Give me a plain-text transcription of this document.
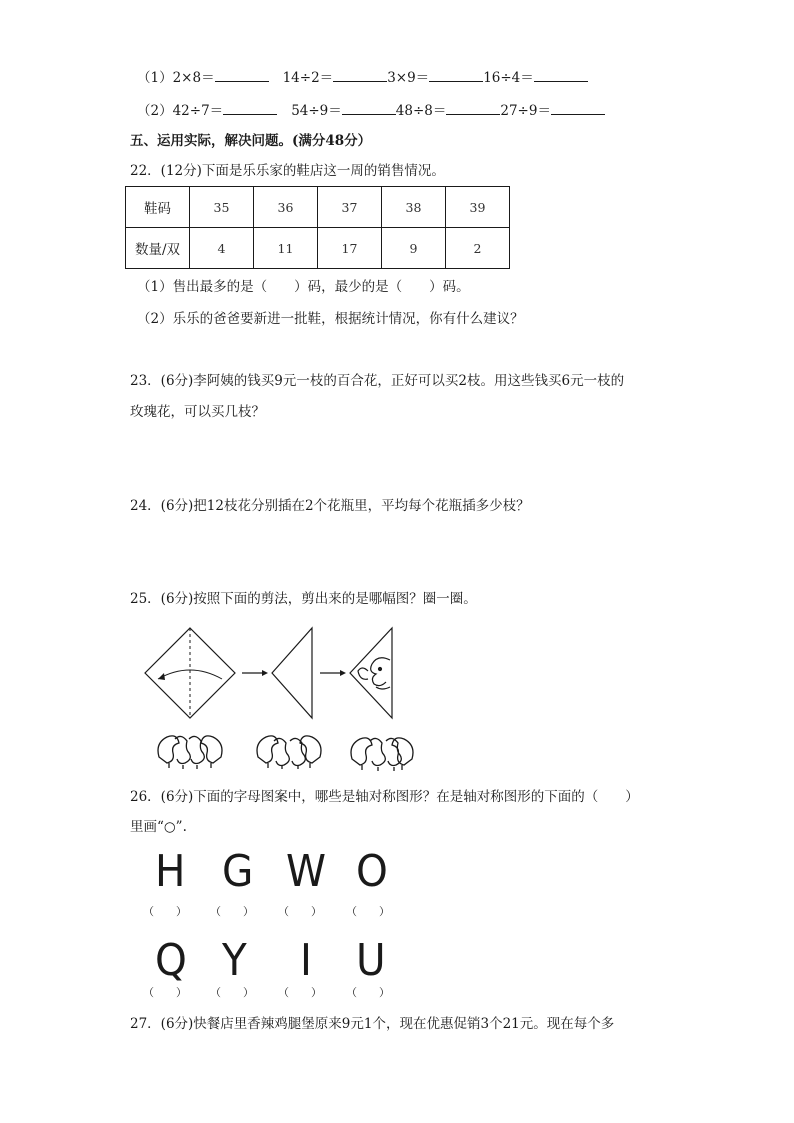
（1）2×8＝	14÷2＝	3×9＝	16÷4＝
（2）42÷7＝	54÷9＝	48÷8＝	27÷9＝
五、运用实际，解决问题。(满分48分）
22．(12分)下面是乐乐家的鞋店这一周的销售情况。
鞋码	35	36	37	38	39
数量/双	4	11	17	9	2
（1）售出最多的是（　　）码，最少的是（　　）码。
（2）乐乐的爸爸要新进一批鞋，根据统计情况，你有什么建议？
23．(6分)李阿姨的钱买9元一枝的百合花，正好可以买2枝。用这些钱买6元一枝的
玫瑰花，可以买几枝？
24．(6分)把12枝花分别插在2个花瓶里，平均每个花瓶插多少枝？
25．(6分)按照下面的剪法，剪出来的是哪幅图？圈一圈。
26．(6分)下面的字母图案中，哪些是轴对称图形？在是轴对称图形的下面的（　　）
里画“○”.
H G W O
（　　） （　　） （　　） （　　）
Q Y I U
（　　） （　　） （　　） （　　）
27．(6分)快餐店里香辣鸡腿堡原来9元1个，现在优惠促销3个21元。现在每个多
